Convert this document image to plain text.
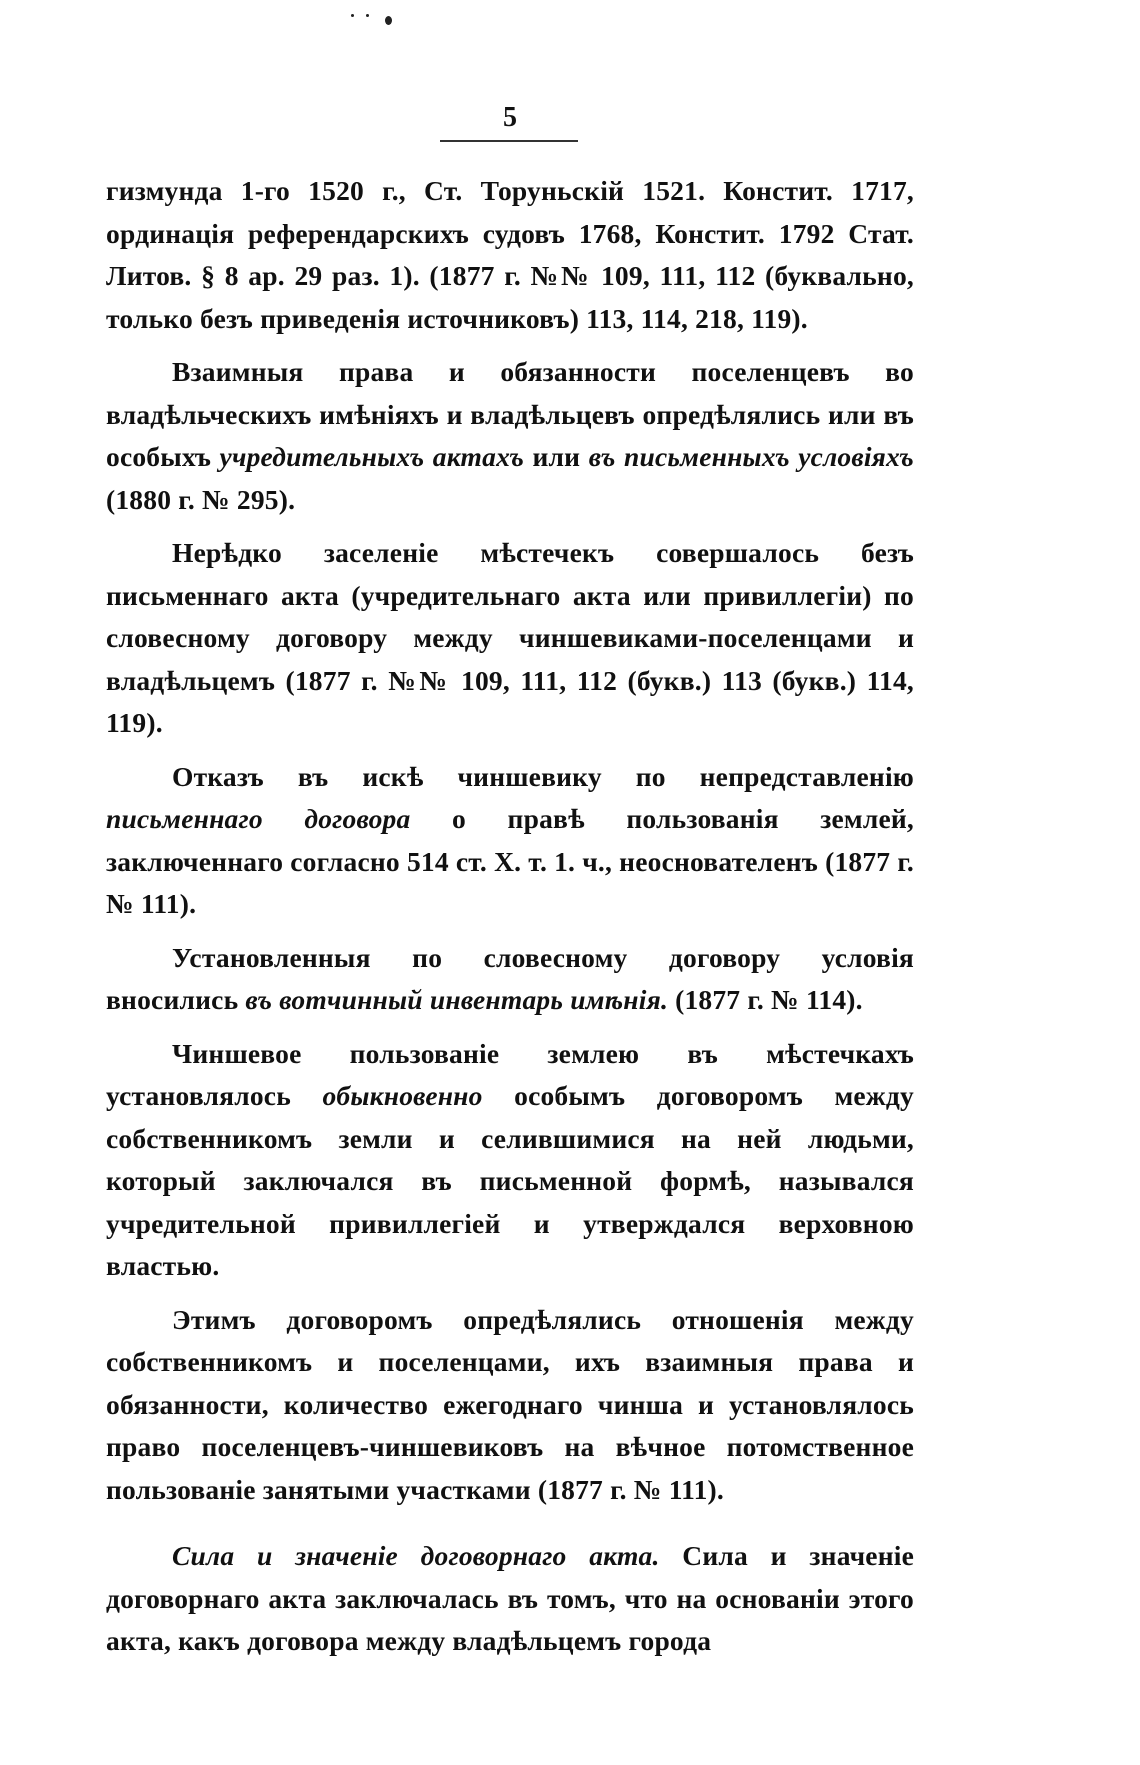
5

гизмунда 1-го 1520 г., Ст. Торуньскій 1521. Констит. 1717, ординація референдарскихъ судовъ 1768, Констит. 1792 Стат. Литов. § 8 ар. 29 раз. 1). (1877 г. №№ 109, 111, 112 (буквально, только безъ приведенія источниковъ) 113, 114, 218, 119).

Взаимныя права и обязанности поселенцевъ во владѣльческихъ имѣніяхъ и владѣльцевъ опредѣлялись или въ особыхъ учредительныхъ актахъ или въ письменныхъ условіяхъ (1880 г. № 295).

Нерѣдко заселеніе мѣстечекъ совершалось безъ письменнаго акта (учредительнаго акта или привиллегіи) по словесному договору между чиншевиками-поселенцами и владѣльцемъ (1877 г. №№ 109, 111, 112 (букв.) 113 (букв.) 114, 119).

Отказъ въ искѣ чиншевику по непредставленію письменнаго договора о правѣ пользованія землей, заключеннаго согласно 514 ст. X. т. 1. ч., неоснователенъ (1877 г. № 111).

Установленныя по словесному договору условія вносились въ вотчинный инвентарь имѣнія. (1877 г. № 114).

Чиншевое пользованіе землею въ мѣстечкахъ установлялось обыкновенно особымъ договоромъ между собственникомъ земли и селившимися на ней людьми, который заключался въ письменной формѣ, назывался учредительной привиллегіей и утверждался верховною властью.

Этимъ договоромъ опредѣлялись отношенія между собственникомъ и поселенцами, ихъ взаимныя права и обязанности, количество ежегоднаго чинша и установлялось право поселенцевъ-чиншевиковъ на вѣчное потомственное пользованіе занятыми участками (1877 г. № 111).

Сила и значеніе договорнаго акта. Сила и значеніе договорнаго акта заключалась въ томъ, что на основаніи этого акта, какъ договора между владѣльцемъ города
